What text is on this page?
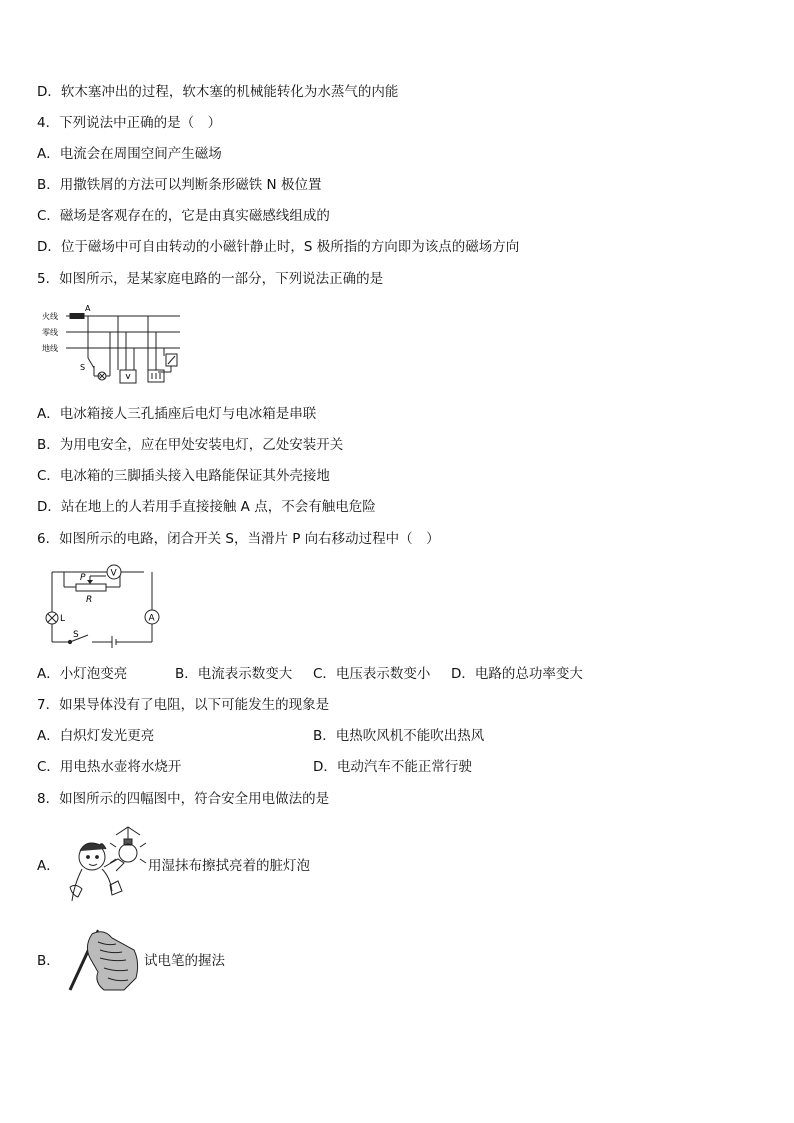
D．软木塞冲出的过程，软木塞的机械能转化为水蒸气的内能
4．下列说法中正确的是（　）
A．电流会在周围空间产生磁场
B．用撒铁屑的方法可以判断条形磁铁 N 极位置
C．磁场是客观存在的，它是由真实磁感线组成的
D．位于磁场中可自由转动的小磁针静止时，S 极所指的方向即为该点的磁场方向
5．如图所示，是某家庭电路的一部分，下列说法正确的是
火线
零线
地线
A
S
A．电冰箱接人三孔插座后电灯与电冰箱是串联
B．为用电安全，应在甲处安装电灯，乙处安装开关
C．电冰箱的三脚插头接入电路能保证其外壳接地
D．站在地上的人若用手直接接触 A 点，不会有触电危险
6．如图所示的电路，闭合开关 S，当滑片 P 向右移动过程中（　）
P
R
V
A
L
S
A．小灯泡变亮	B．电流表示数变大 C．电压表示数变小 D．电路的总功率变大
7．如果导体没有了电阻，以下可能发生的现象是
A．白炽灯发光更亮	B．电热吹风机不能吹出热风
C．用电热水壶将水烧开	D．电动汽车不能正常行驶
8．如图所示的四幅图中，符合安全用电做法的是
A．	用湿抹布擦拭亮着的脏灯泡
B．	试电笔的握法
